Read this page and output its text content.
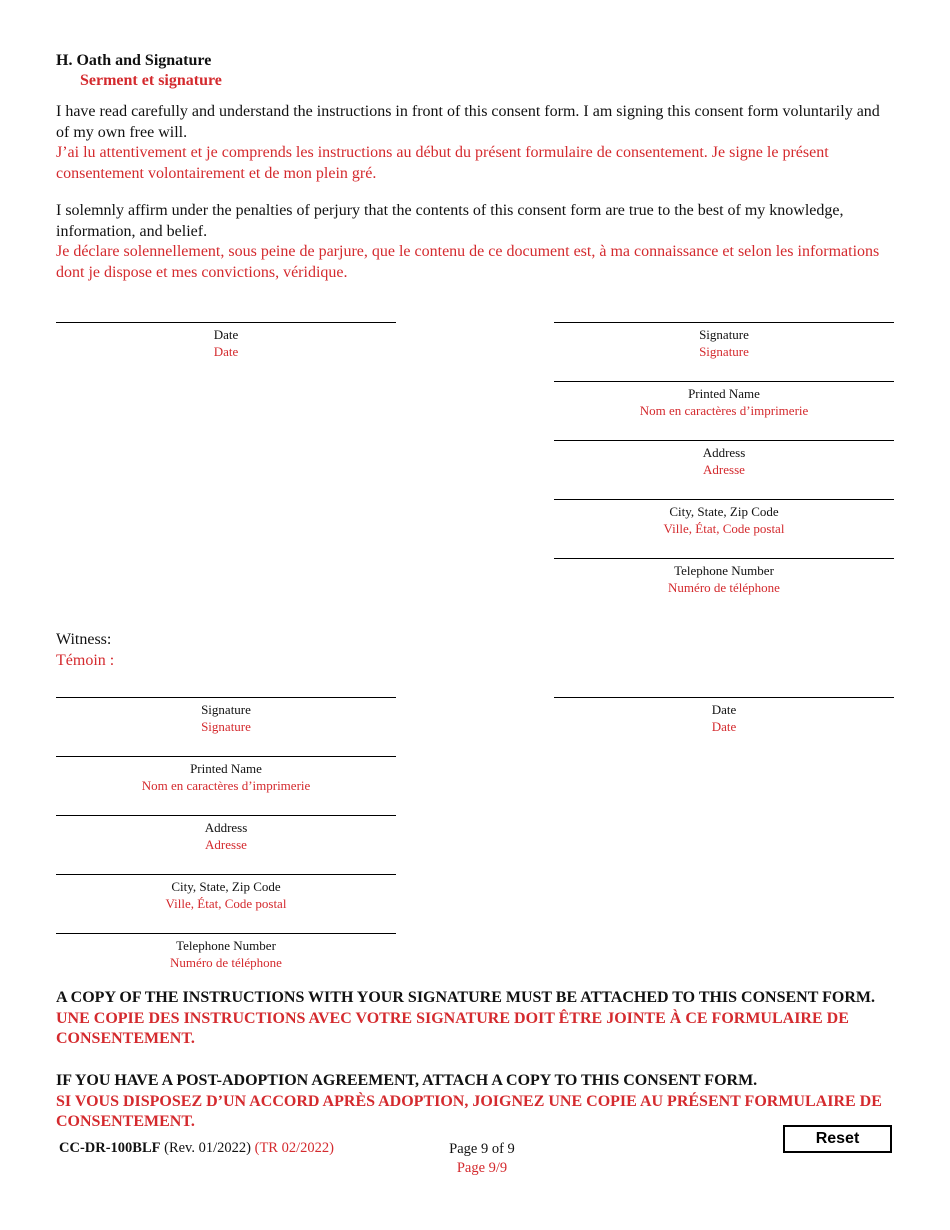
H. Oath and Signature
Serment et signature

I have read carefully and understand the instructions in front of this consent form. I am signing this consent form voluntarily and of my own free will.
J’ai lu attentivement et je comprends les instructions au début du présent formulaire de consentement. Je signe le présent consentement volontairement et de mon plein gré.

I solemnly affirm under the penalties of perjury that the contents of this consent form are true to the best of my knowledge, information, and belief.
Je déclare solennellement, sous peine de parjure, que le contenu de ce document est, à ma connaissance et selon les informations dont je dispose et mes convictions, véridique.

Date
Date
Signature
Signature
Printed Name
Nom en caractères d’imprimerie
Address
Adresse
City, State, Zip Code
Ville, État, Code postal
Telephone Number
Numéro de téléphone
Witness:
Témoin :
Signature
Signature
Printed Name
Nom en caractères d’imprimerie
Address
Adresse
City, State, Zip Code
Ville, État, Code postal
Telephone Number
Numéro de téléphone
Date
Date
A COPY OF THE INSTRUCTIONS WITH YOUR SIGNATURE MUST BE ATTACHED TO THIS CONSENT FORM.
UNE COPIE DES INSTRUCTIONS AVEC VOTRE SIGNATURE DOIT ÊTRE JOINTE À CE FORMULAIRE DE CONSENTEMENT.
IF YOU HAVE A POST-ADOPTION AGREEMENT, ATTACH A COPY TO THIS CONSENT FORM.
SI VOUS DISPOSEZ D’UN ACCORD APRÈS ADOPTION, JOIGNEZ UNE COPIE AU PRÉSENT FORMULAIRE DE CONSENTEMENT.
CC-DR-100BLF (Rev. 01/2022) (TR 02/2022)	Page 9 of 9
Page 9/9
Reset
